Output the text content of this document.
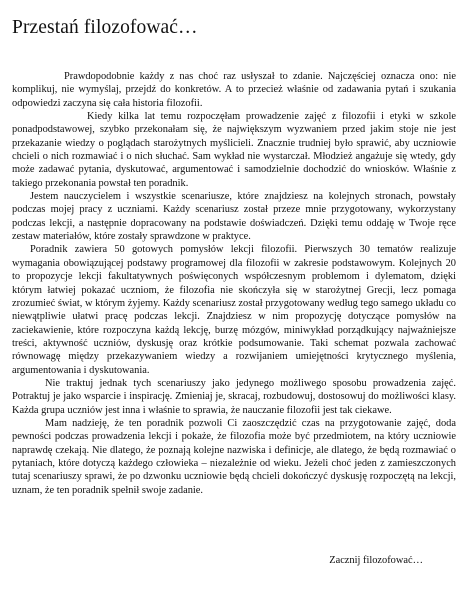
Przestań filozofować…

Prawdopodobnie każdy z nas choć raz usłyszał to zdanie. Najczęściej oznacza ono: nie komplikuj, nie wymyślaj, przejdź do konkretów. A to przecież właśnie od zadawania pytań i szukania odpowiedzi zaczyna się cała historia filozofii.

Kiedy kilka lat temu rozpoczęłam prowadzenie zajęć z filozofii i etyki w szkole ponadpodstawowej, szybko przekonałam się, że największym wyzwaniem przed jakim stoje nie jest przekazanie wiedzy o poglądach starożytnych myślicieli. Znacznie trudniej było sprawić, aby uczniowie chcieli o nich rozmawiać i o nich słuchać. Sam wykład nie wystarczał. Młodzież angażuje się wtedy, gdy może zadawać pytania, dyskutować, argumentować i samodzielnie dochodzić do wniosków. Właśnie z takiego przekonania powstał ten poradnik.

Jestem nauczycielem i wszystkie scenariusze, które znajdziesz na kolejnych stronach, powstały podczas mojej pracy z uczniami. Każdy scenariusz został przeze mnie przygotowany, wykorzystany podczas lekcji, a następnie dopracowany na podstawie doświadczeń. Dzięki temu oddaję w Twoje ręce zestaw materiałów, które zostały sprawdzone w praktyce.

Poradnik zawiera 50 gotowych pomysłów lekcji filozofii. Pierwszych 30 tematów realizuje wymagania obowiązującej podstawy programowej dla filozofii w zakresie podstawowym. Kolejnych 20 to propozycje lekcji fakultatywnych poświęconych współczesnym problemom i dylematom, dzięki którym łatwiej pokazać uczniom, że filozofia nie skończyła się w starożytnej Grecji, lecz pomaga zrozumieć świat, w którym żyjemy. Każdy scenariusz został przygotowany według tego samego układu co niewątpliwie ułatwi pracę podczas lekcji. Znajdziesz w nim propozycję dotyczące pomysłów na zaciekawienie, które rozpoczyna każdą lekcję, burzę mózgów, miniwykład porządkujący najważniejsze treści, aktywność uczniów, dyskusję oraz krótkie podsumowanie. Taki schemat pozwala zachować równowagę między przekazywaniem wiedzy a rozwijaniem umiejętności krytycznego myślenia, argumentowania i dyskutowania.

Nie traktuj jednak tych scenariuszy jako jedynego możliwego sposobu prowadzenia zajęć. Potraktuj je jako wsparcie i inspirację. Zmieniaj je, skracaj, rozbudowuj, dostosowuj do możliwości klasy. Każda grupa uczniów jest inna i właśnie to sprawia, że nauczanie filozofii jest tak ciekawe.

Mam nadzieję, że ten poradnik pozwoli Ci zaoszczędzić czas na przygotowanie zajęć, doda pewności podczas prowadzenia lekcji i pokaże, że filozofia może być przedmiotem, na który uczniowie naprawdę czekają. Nie dlatego, że poznają kolejne nazwiska i definicje, ale dlatego, że będą rozmawiać o pytaniach, które dotyczą każdego człowieka – niezależnie od wieku. Jeżeli choć jeden z zamieszczonych tutaj scenariuszy sprawi, że po dzwonku uczniowie będą chcieli dokończyć dyskusję rozpoczętą na lekcji, uznam, że ten poradnik spełnił swoje zadanie.

Zacznij filozofować…
